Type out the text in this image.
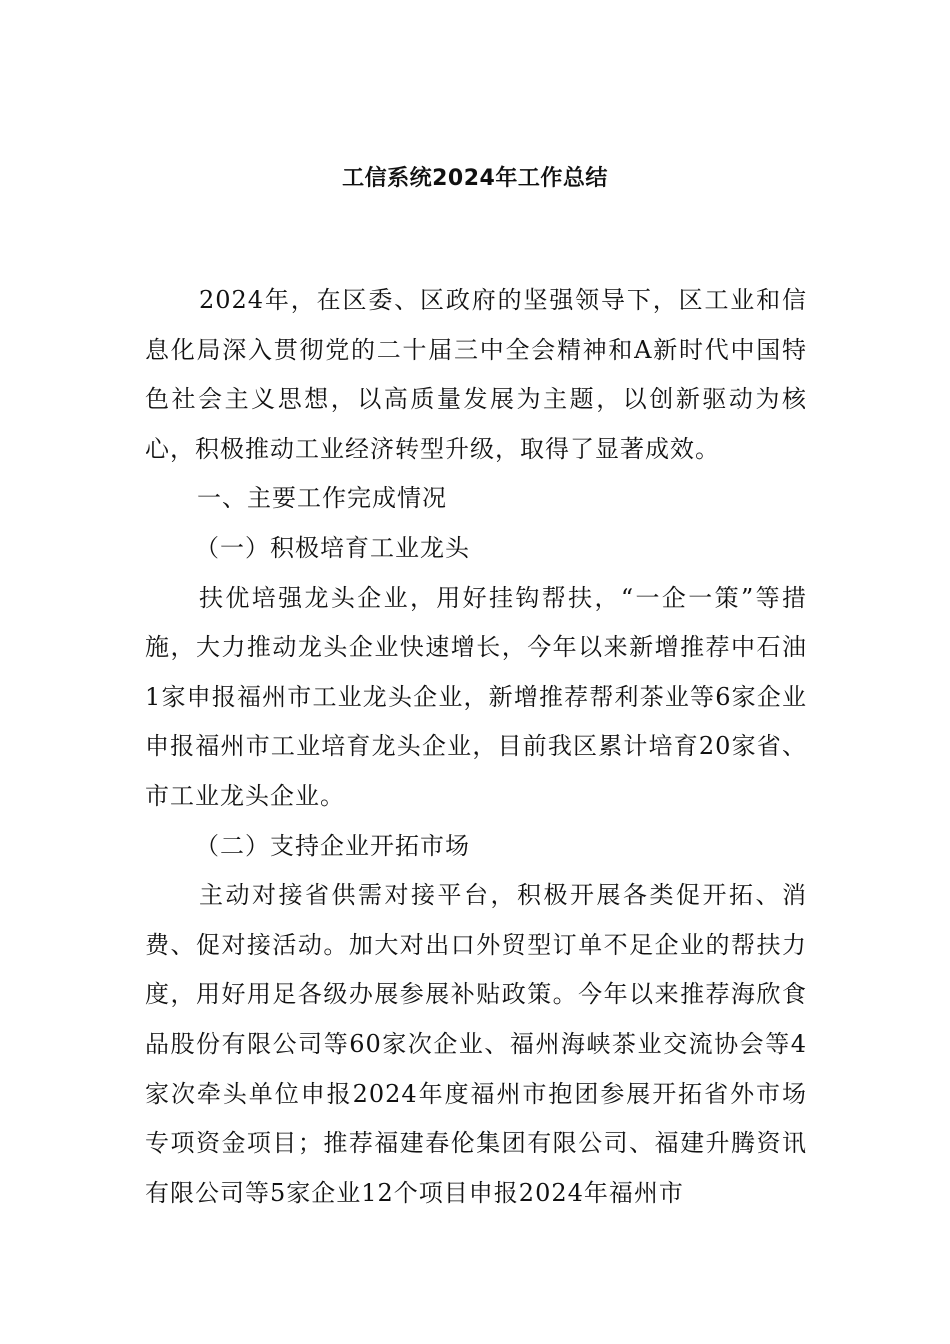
工信系统2024年工作总结

2024年，在区委、区政府的坚强领导下，区工业和信息化局深入贯彻党的二十届三中全会精神和A新时代中国特色社会主义思想，以高质量发展为主题，以创新驱动为核心，积极推动工业经济转型升级，取得了显著成效。

一、主要工作完成情况

（一）积极培育工业龙头

扶优培强龙头企业，用好挂钩帮扶，“一企一策”等措施，大力推动龙头企业快速增长，今年以来新增推荐中石油1家申报福州市工业龙头企业，新增推荐帮利茶业等6家企业申报福州市工业培育龙头企业，目前我区累计培育20家省、市工业龙头企业。

（二）支持企业开拓市场

主动对接省供需对接平台，积极开展各类促开拓、消费、促对接活动。加大对出口外贸型订单不足企业的帮扶力度，用好用足各级办展参展补贴政策。今年以来推荐海欣食品股份有限公司等60家次企业、福州海峡茶业交流协会等4家次牵头单位申报2024年度福州市抱团参展开拓省外市场专项资金项目；推荐福建春伦集团有限公司、福建升腾资讯有限公司等5家企业12个项目申报2024年福州市
